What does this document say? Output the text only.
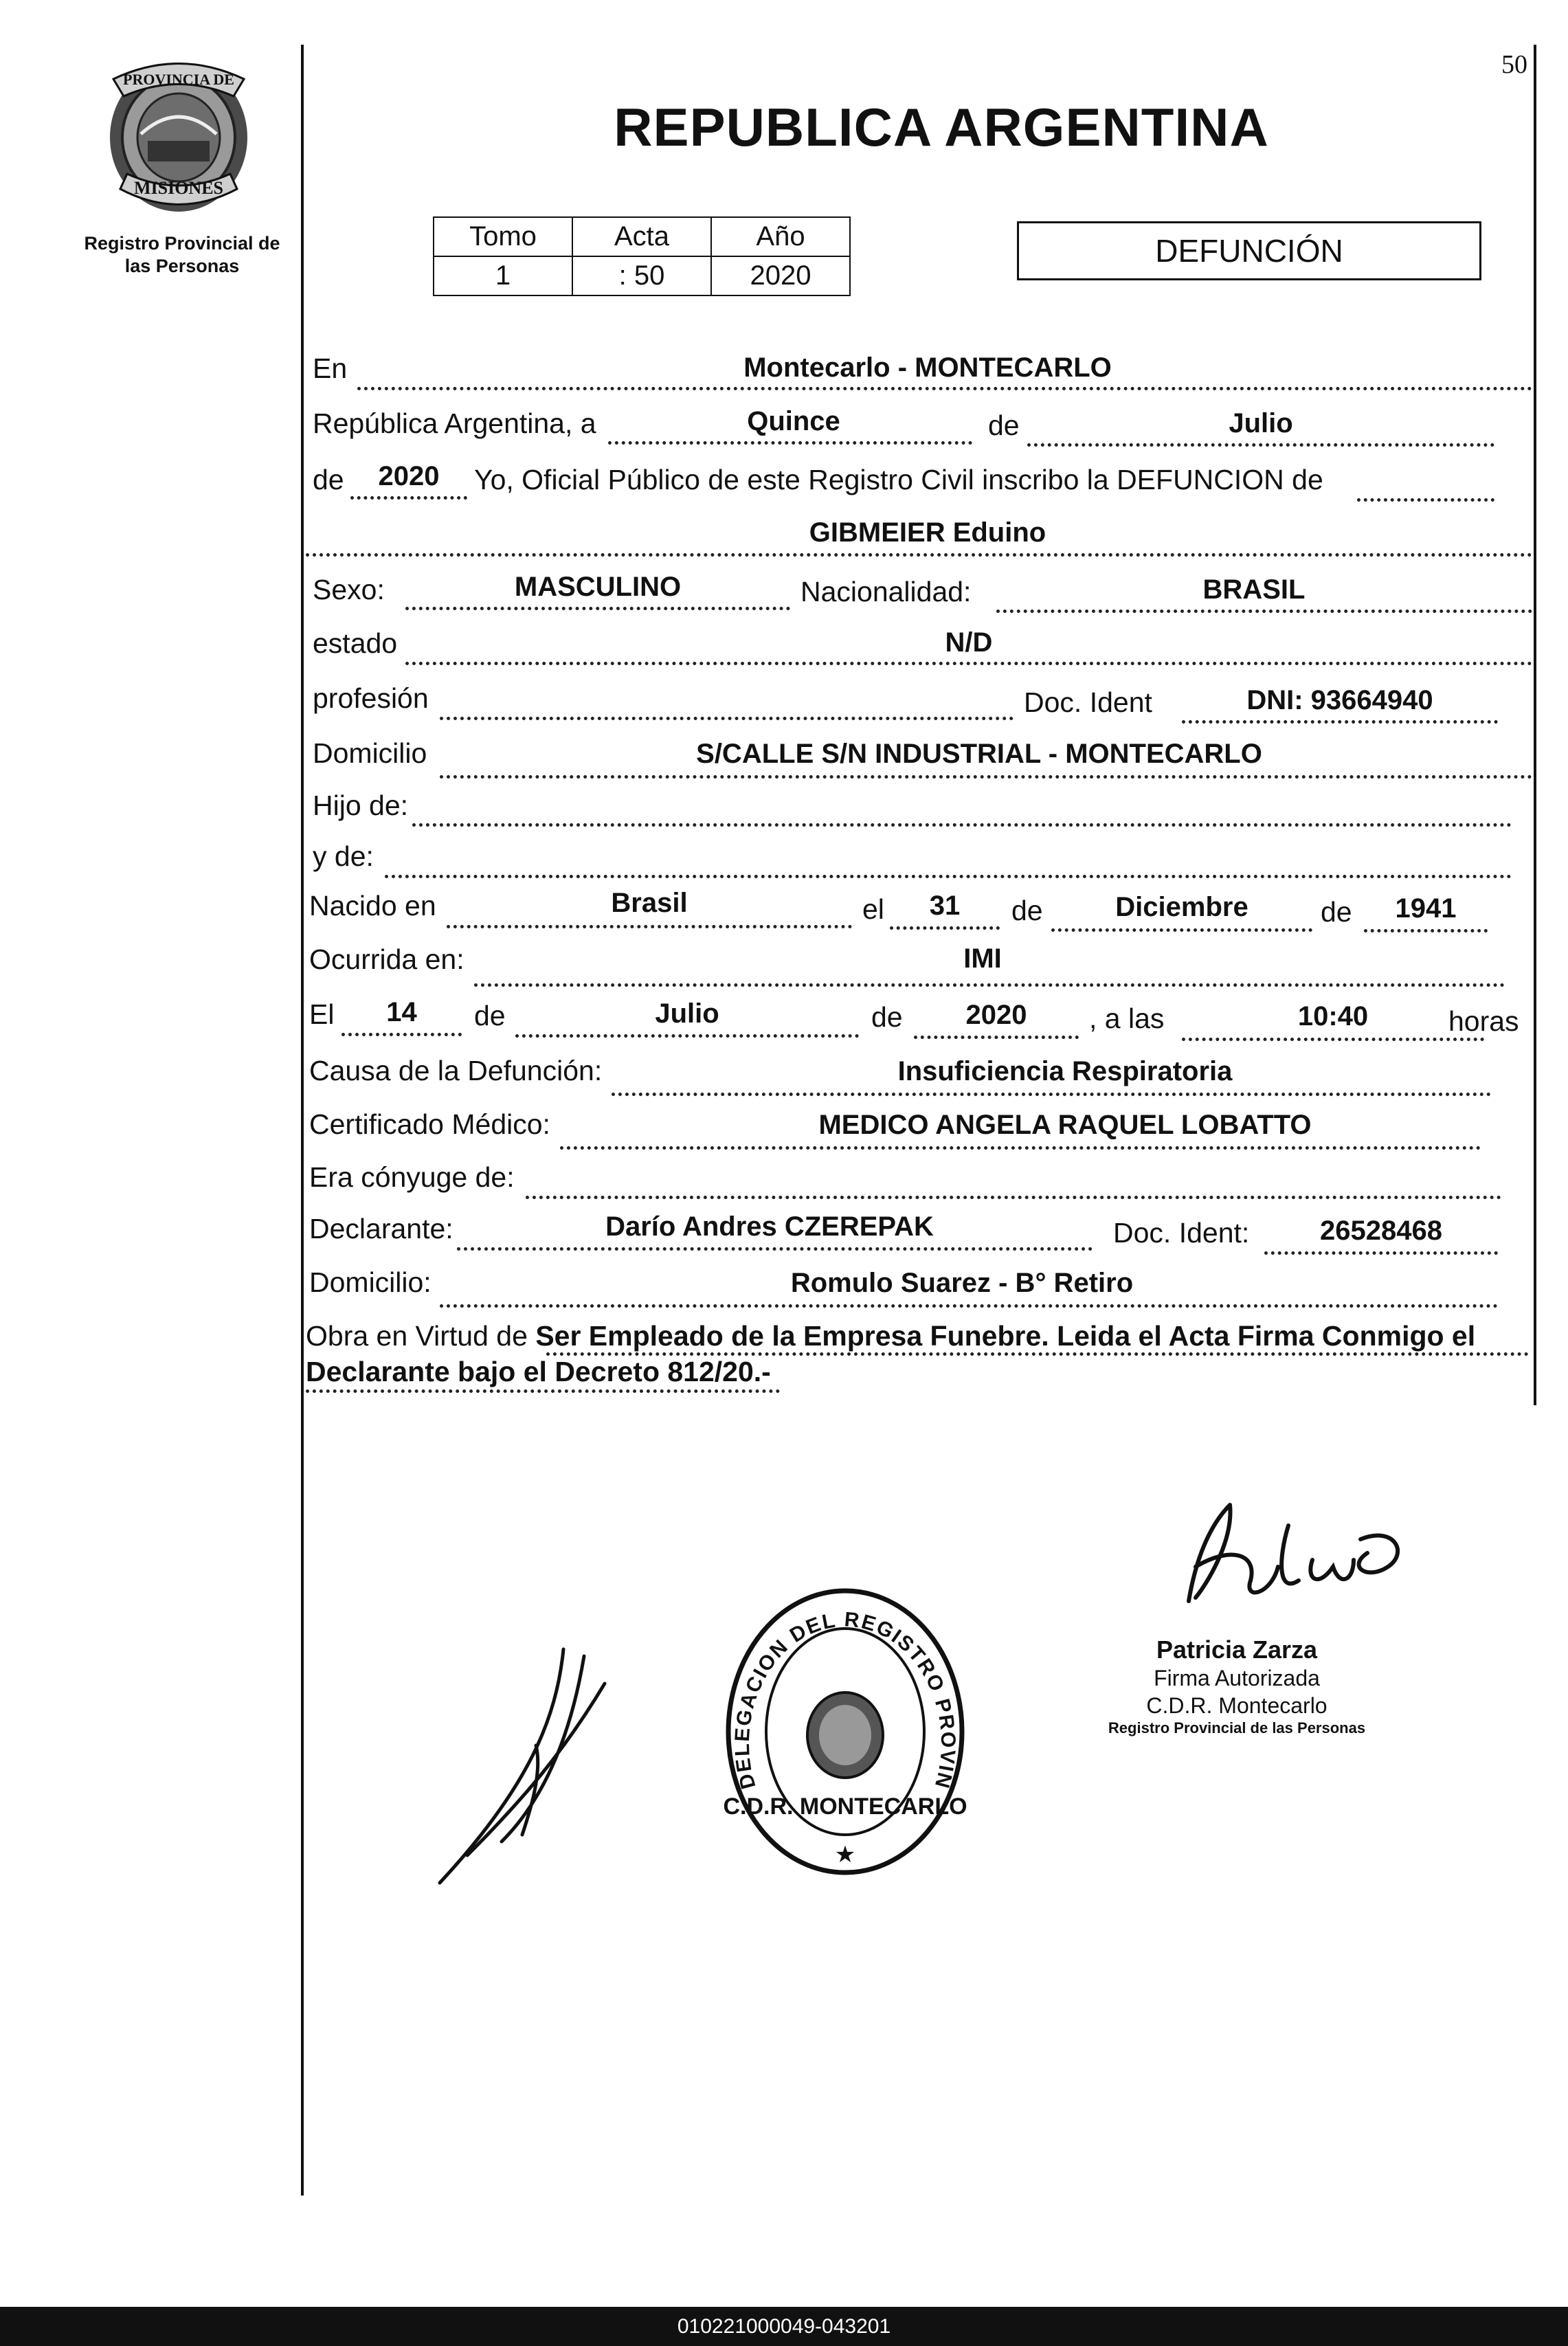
50
PROVINCIA DE
MISIONES
Registro Provincial de
las Personas
REPUBLICA ARGENTINA
Tomo	Acta	Año
1	: 50	2020
DEFUNCIÓN
En	Montecarlo - MONTECARLO
República Argentina, a	Quince	de	Julio
de	2020	Yo, Oficial Público de este Registro Civil inscribo la DEFUNCION de
GIBMEIER Eduino
Sexo:	MASCULINO	Nacionalidad:	BRASIL
estado	N/D
profesión	Doc. Ident	DNI: 93664940
Domicilio	S/CALLE S/N INDUSTRIAL - MONTECARLO
Hijo de:
y de:
Nacido en	Brasil	el	31	de	Diciembre	de	1941
Ocurrida en:	IMI
El	14	de	Julio	de	2020	, a las	10:40	horas
Causa de la Defunción:	Insuficiencia Respiratoria
Certificado Médico:	MEDICO ANGELA RAQUEL LOBATTO
Era cónyuge de:
Declarante:	Darío Andres CZEREPAK	Doc. Ident:	26528468
Domicilio:	Romulo Suarez - B° Retiro
Obra en Virtud de Ser Empleado de la Empresa Funebre. Leida el Acta Firma Conmigo el Declarante bajo el Decreto 812/20.-
Patricia Zarza
Firma Autorizada
C.D.R. Montecarlo
Registro Provincial de las Personas
DELEGACION DEL REGISTRO PROVIN
C.D.R. MONTECARLO
★
010221000049-043201
